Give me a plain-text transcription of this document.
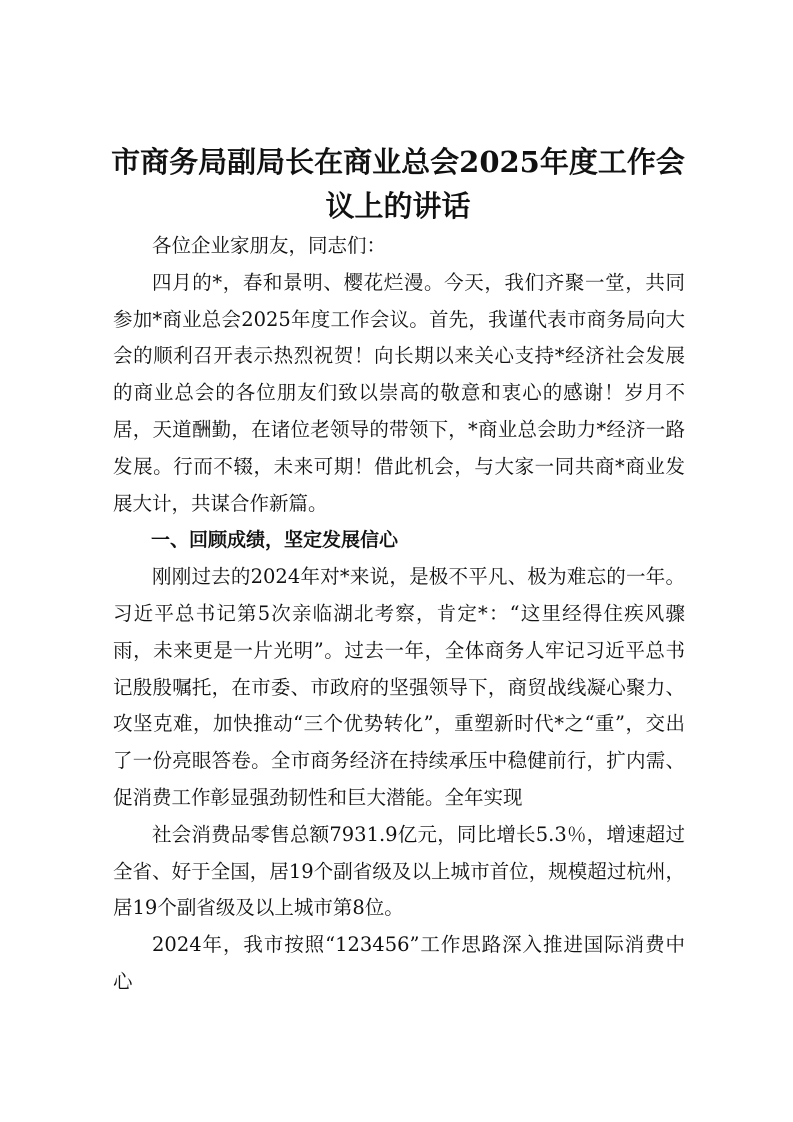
市商务局副局长在商业总会2025年度工作会议上的讲话

各位企业家朋友，同志们：

四月的*，春和景明、樱花烂漫。今天，我们齐聚一堂，共同参加*商业总会2025年度工作会议。首先，我谨代表市商务局向大会的顺利召开表示热烈祝贺！向长期以来关心支持*经济社会发展的商业总会的各位朋友们致以崇高的敬意和衷心的感谢！岁月不居，天道酬勤，在诸位老领导的带领下，*商业总会助力*经济一路发展。行而不辍，未来可期！借此机会，与大家一同共商*商业发展大计，共谋合作新篇。

一、回顾成绩，坚定发展信心

刚刚过去的2024年对*来说，是极不平凡、极为难忘的一年。习近平总书记第5次亲临湖北考察，肯定*：“这里经得住疾风骤雨，未来更是一片光明”。过去一年，全体商务人牢记习近平总书记殷殷嘱托，在市委、市政府的坚强领导下，商贸战线凝心聚力、攻坚克难，加快推动“三个优势转化”，重塑新时代*之“重”，交出了一份亮眼答卷。全市商务经济在持续承压中稳健前行，扩内需、促消费工作彰显强劲韧性和巨大潜能。全年实现

社会消费品零售总额7931.9亿元，同比增长5.3％，增速超过全省、好于全国，居19个副省级及以上城市首位，规模超过杭州，居19个副省级及以上城市第8位。

2024年，我市按照“123456”工作思路深入推进国际消费中心
